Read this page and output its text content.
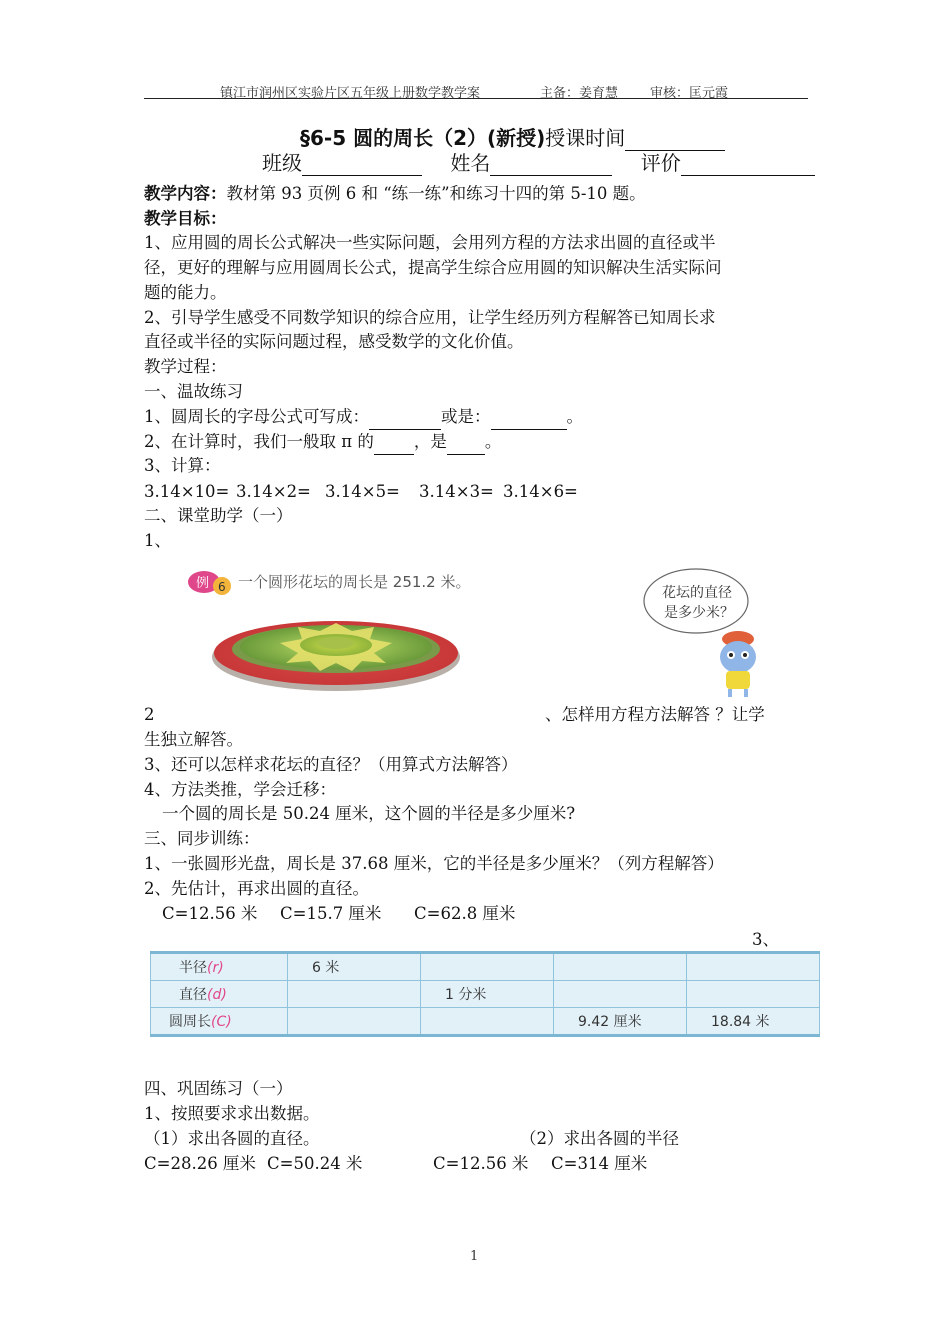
镇江市润州区实验片区五年级上册数学教学案	主备：姜育慧 审核：匡元霞
§6-5 圆的周长（2）(新授)授课时间
班级	姓名	评价
教学内容：教材第 93 页例 6 和 “练一练”和练习十四的第 5-10 题。
教学目标：
1、应用圆的周长公式解决一些实际问题，会用列方程的方法求出圆的直径或半
径，更好的理解与应用圆周长公式，提高学生综合应用圆的知识解决生活实际问
题的能力。
2、引导学生感受不同数学知识的综合应用，让学生经历列方程解答已知周长求
直径或半径的实际问题过程，感受数学的文化价值。
教学过程：
一、温故练习
1、圆周长的字母公式可写成：	或是：	。
2、在计算时，我们一般取 π 的 ，是 。
3、计算：
3.14×10= 3.14×2= 3.14×5= 3.14×3= 3.14×6=
二、课堂助学（一）
1、
例 6 一个圆形花坛的周长是 251.2 米。
花坛的直径
是多少米？
2	、怎样用方程方法解答 ？让学
生独立解答。
3、还可以怎样求花坛的直径？（用算式方法解答）
4、方法类推，学会迁移：
一个圆的周长是 50.24 厘米，这个圆的半径是多少厘米?
三、同步训练：
1、一张圆形光盘，周长是 37.68 厘米，它的半径是多少厘米？（列方程解答）
2、先估计，再求出圆的直径。
C=12.56 米 C=15.7 厘米 C=62.8 厘米
3、
半径(r)	6 米			
直径(d)		1 分米		
圆周长(C)			9.42 厘米	18.84 米
四、巩固练习（一）
1、按照要求求出数据。
（1）求出各圆的直径。	（2）求出各圆的半径
C=28.26 厘米 C=50.24 米	C=12.56 米 C=314 厘米
1
